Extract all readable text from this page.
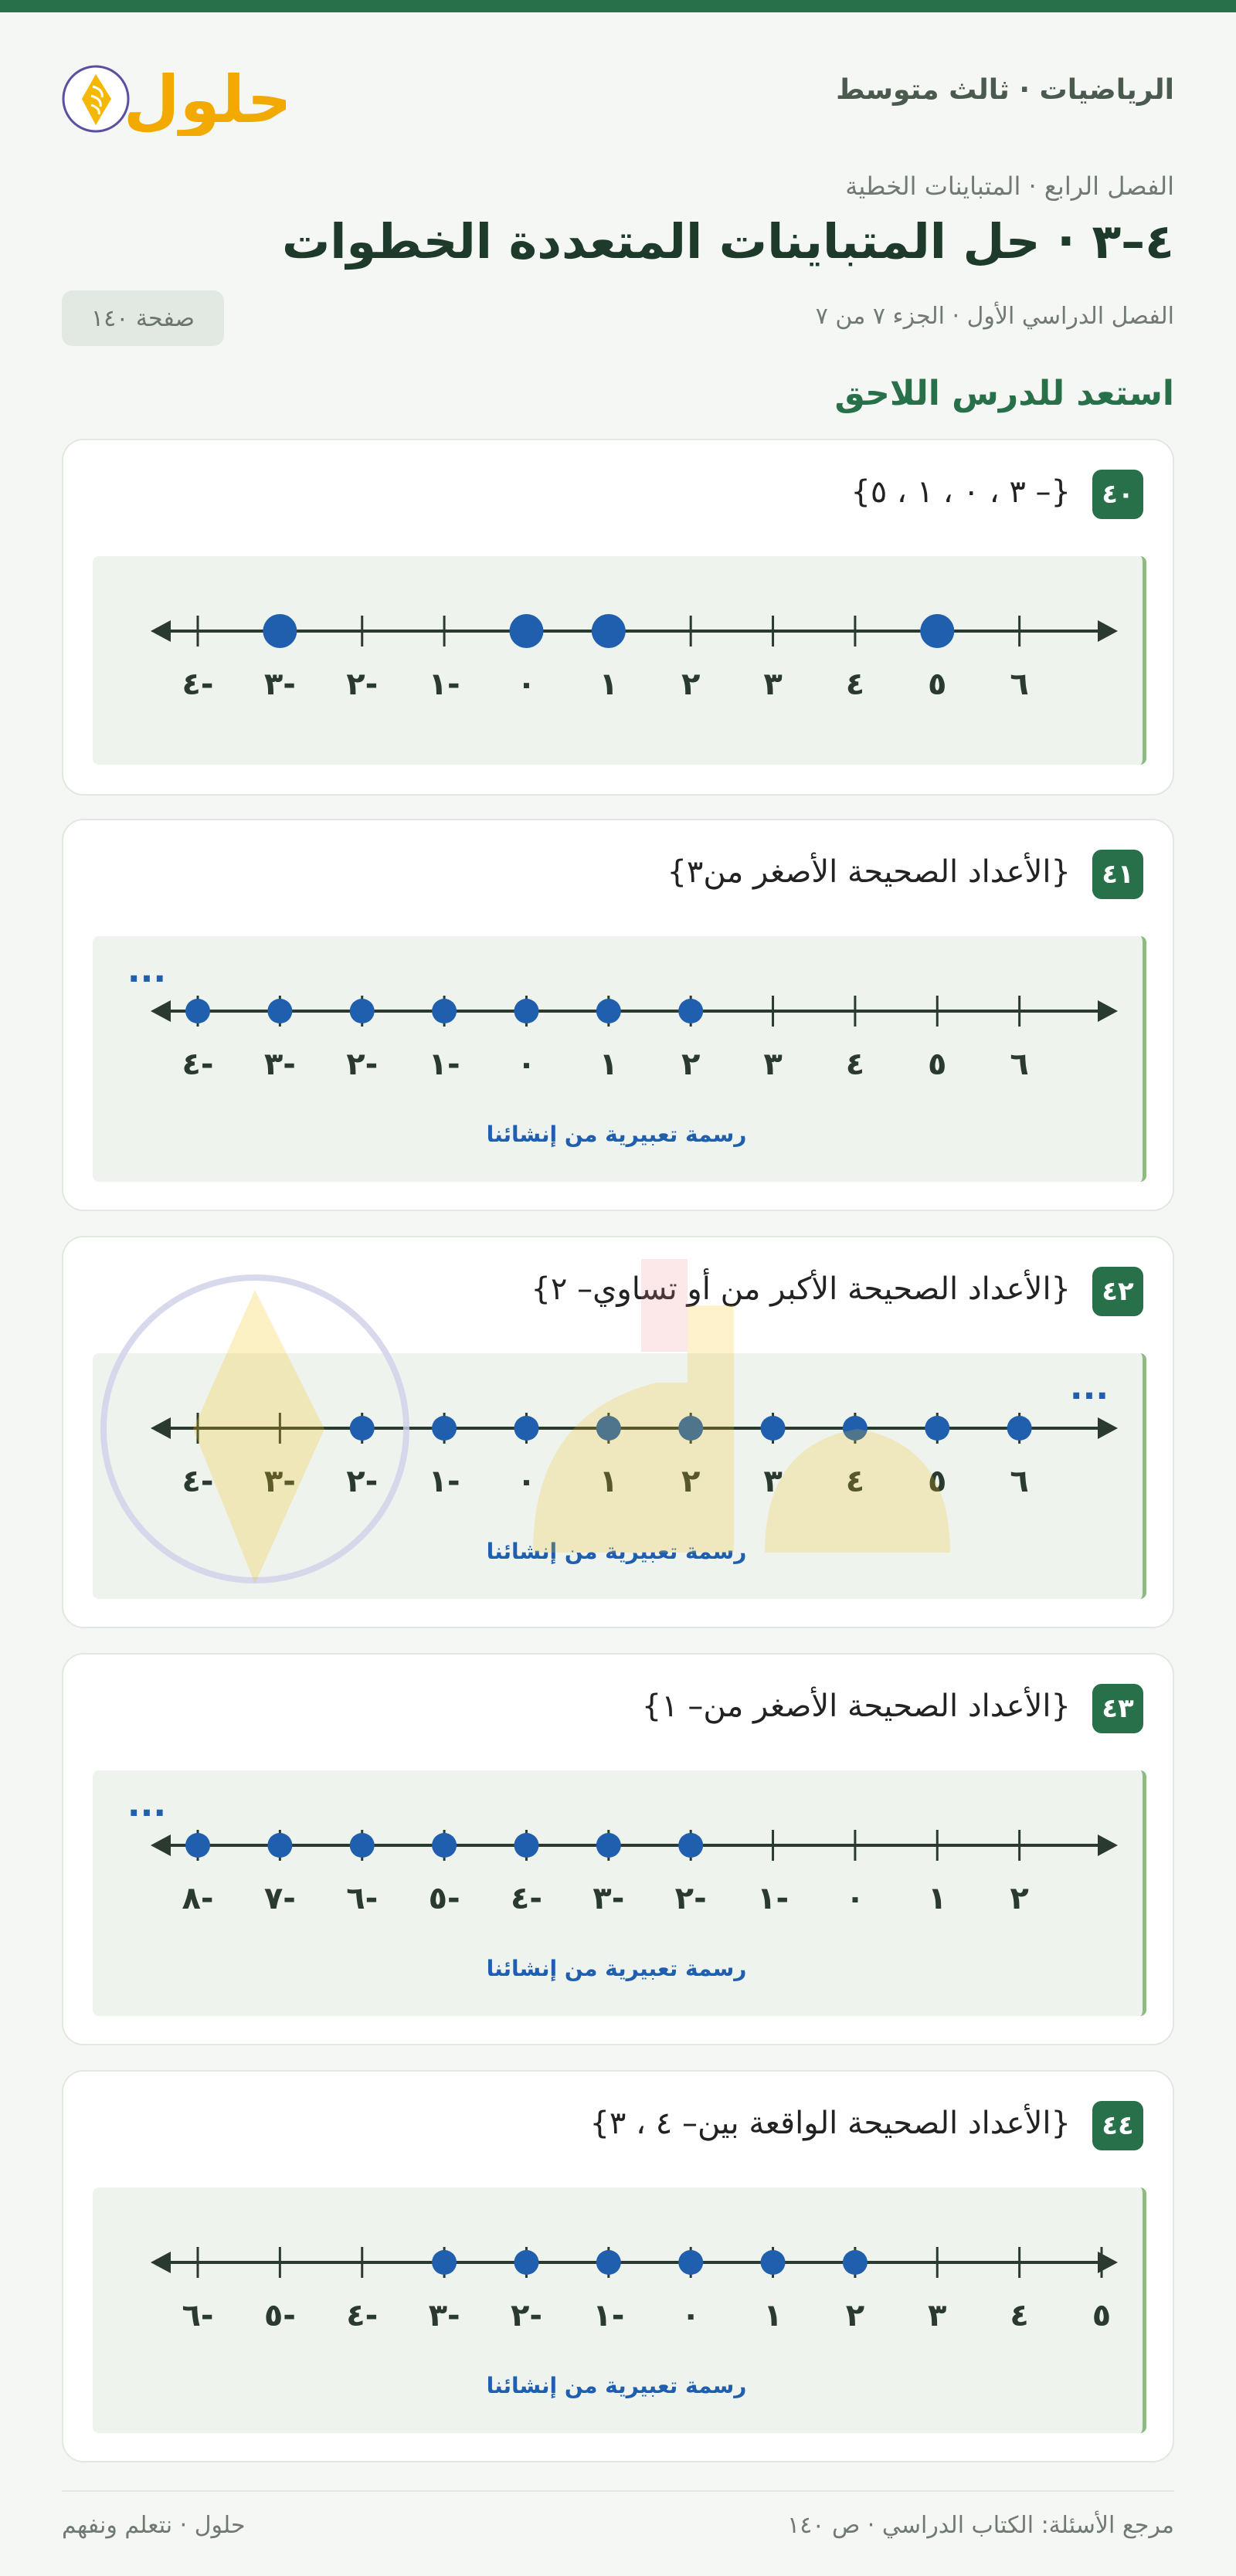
الرياضيات · ثالث متوسط
حلول
الفصل الرابع · المتباينات الخطية
٤–٣ · حل المتباينات المتعددة الخطوات
الفصل الدراسي الأول · الجزء ٧ من ٧
صفحة ١٤٠
استعد للدرس اللاحق
٤٠
{– ٣ ، ٠ ، ١ ، ٥}
-٤ -٣ -٢ -١ ٠ ١ ٢ ٣ ٤ ٥ ٦
٤١
{الأعداد الصحيحة الأصغر من٣}
-٤ -٣ -٢ -١ ٠ ١ ٢ ٣ ٤ ٥ ٦
...
رسمة تعبيرية من إنشائنا
٤٢
{الأعداد الصحيحة الأكبر من أو تساوي– ٢}
-٤ -٣ -٢ -١ ٠ ١ ٢ ٣ ٤ ٥ ٦
...
رسمة تعبيرية من إنشائنا
٤٣
{الأعداد الصحيحة الأصغر من– ١}
-٨ -٧ -٦ -٥ -٤ -٣ -٢ -١ ٠ ١ ٢
...
رسمة تعبيرية من إنشائنا
٤٤
{الأعداد الصحيحة الواقعة بين– ٤ ، ٣}
-٦ -٥ -٤ -٣ -٢ -١ ٠ ١ ٢ ٣ ٤ ٥
رسمة تعبيرية من إنشائنا
مرجع الأسئلة: الكتاب الدراسي · ص ١٤٠
حلول · نتعلم ونفهم
